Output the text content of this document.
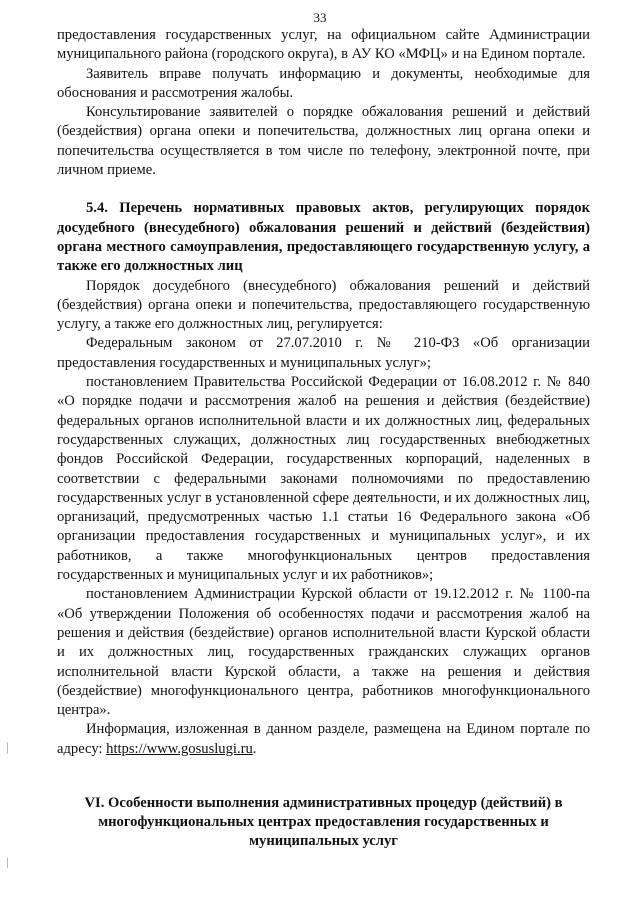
33

предоставления государственных услуг, на официальном сайте Администрации муниципального района (городского округа), в АУ КО «МФЦ» и на Едином портале.

Заявитель вправе получать информацию и документы, необходимые для обоснования и рассмотрения жалобы.

Консультирование заявителей о порядке обжалования решений и действий (бездействия) органа опеки и попечительства, должностных лиц органа опеки и попечительства осуществляется в том числе по телефону, электронной почте, при личном приеме.

5.4. Перечень нормативных правовых актов, регулирующих порядок досудебного (внесудебного) обжалования решений и действий (бездействия) органа местного самоуправления, предоставляющего государственную услугу, а также его должностных лиц

Порядок досудебного (внесудебного) обжалования решений и действий (бездействия) органа опеки и попечительства, предоставляющего государственную услугу, а также его должностных лиц, регулируется:

Федеральным законом от 27.07.2010 г. № 210-ФЗ «Об организации предоставления государственных и муниципальных услуг»;

постановлением Правительства Российской Федерации от 16.08.2012 г. № 840 «О порядке подачи и рассмотрения жалоб на решения и действия (бездействие) федеральных органов исполнительной власти и их должностных лиц, федеральных государственных служащих, должностных лиц государственных внебюджетных фондов Российской Федерации, государственных корпораций, наделенных в соответствии с федеральными законами полномочиями по предоставлению государственных услуг в установленной сфере деятельности, и их должностных лиц, организаций, предусмотренных частью 1.1 статьи 16 Федерального закона «Об организации предоставления государственных и муниципальных услуг», и их работников, а также многофункциональных центров предоставления государственных и муниципальных услуг и их работников»;

постановлением Администрации Курской области от 19.12.2012 г. № 1100-па «Об утверждении Положения об особенностях подачи и рассмотрения жалоб на решения и действия (бездействие) органов исполнительной власти Курской области и их должностных лиц, государственных гражданских служащих органов исполнительной власти Курской области, а также на решения и действия (бездействие) многофункционального центра, работников многофункционального центра».

Информация, изложенная в данном разделе, размещена на Едином портале по адресу: https://www.gosuslugi.ru.

VI. Особенности выполнения административных процедур (действий) в многофункциональных центрах предоставления государственных и муниципальных услуг
